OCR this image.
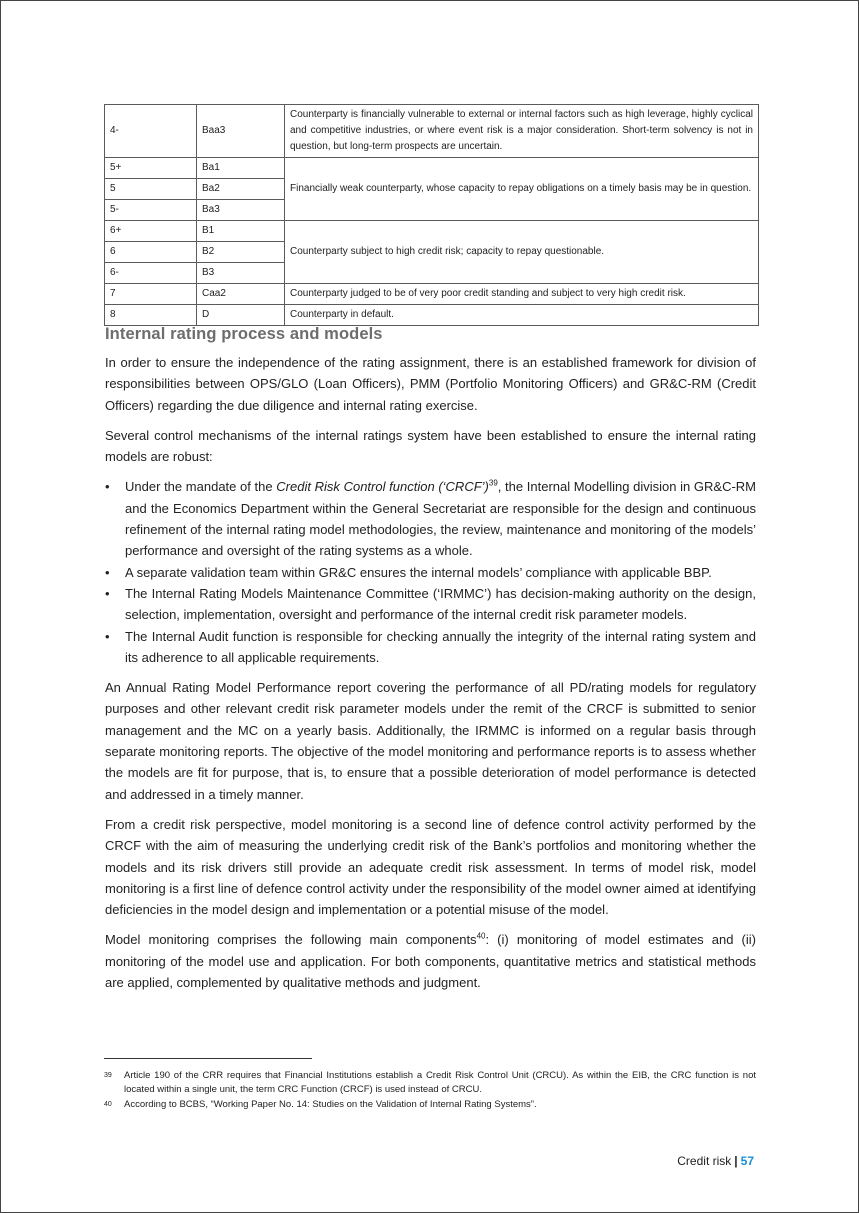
4-	Baa3	Counterparty is financially vulnerable to external or internal factors such as high leverage, highly cyclical and competitive industries, or where event risk is a major consideration. Short-term solvency is not in question, but long-term prospects are uncertain.
5+	Ba1	Financially weak counterparty, whose capacity to repay obligations on a timely basis may be in question.
5	Ba2	
5-	Ba3	
6+	B1	Counterparty subject to high credit risk; capacity to repay questionable.
6	B2	
6-	B3	
7	Caa2	Counterparty judged to be of very poor credit standing and subject to very high credit risk.
8	D	Counterparty in default.
Internal rating process and models

In order to ensure the independence of the rating assignment, there is an established framework for division of responsibilities between OPS/GLO (Loan Officers), PMM (Portfolio Monitoring Officers) and GR&C-RM (Credit Officers) regarding the due diligence and internal rating exercise.

Several control mechanisms of the internal ratings system have been established to ensure the internal rating models are robust:

• Under the mandate of the Credit Risk Control function (‘CRCF’)$^{39}$, the Internal Modelling division in GR&C-RM and the Economics Department within the General Secretariat are responsible for the design and continuous refinement of the internal rating model methodologies, the review, maintenance and monitoring of the models’ performance and oversight of the rating systems as a whole.
• A separate validation team within GR&C ensures the internal models’ compliance with applicable BBP.
• The Internal Rating Models Maintenance Committee (‘IRMMC’) has decision-making authority on the design, selection, implementation, oversight and performance of the internal credit risk parameter models.
• The Internal Audit function is responsible for checking annually the integrity of the internal rating system and its adherence to all applicable requirements.

An Annual Rating Model Performance report covering the performance of all PD/rating models for regulatory purposes and other relevant credit risk parameter models under the remit of the CRCF is submitted to senior management and the MC on a yearly basis. Additionally, the IRMMC is informed on a regular basis through separate monitoring reports. The objective of the model monitoring and performance reports is to assess whether the models are fit for purpose, that is, to ensure that a possible deterioration of model performance is detected and addressed in a timely manner.

From a credit risk perspective, model monitoring is a second line of defence control activity performed by the CRCF with the aim of measuring the underlying credit risk of the Bank’s portfolios and monitoring whether the models and its risk drivers still provide an adequate credit risk assessment. In terms of model risk, model monitoring is a first line of defence control activity under the responsibility of the model owner aimed at identifying deficiencies in the model design and implementation or a potential misuse of the model.

Model monitoring comprises the following main components$^{40}$: (i) monitoring of model estimates and (ii) monitoring of the model use and application. For both components, quantitative metrics and statistical methods are applied, complemented by qualitative methods and judgment.

39 Article 190 of the CRR requires that Financial Institutions establish a Credit Risk Control Unit (CRCU). As within the EIB, the CRC function is not located within a single unit, the term CRC Function (CRCF) is used instead of CRCU.
40 According to BCBS, “Working Paper No. 14: Studies on the Validation of Internal Rating Systems”.
Credit risk | 57
